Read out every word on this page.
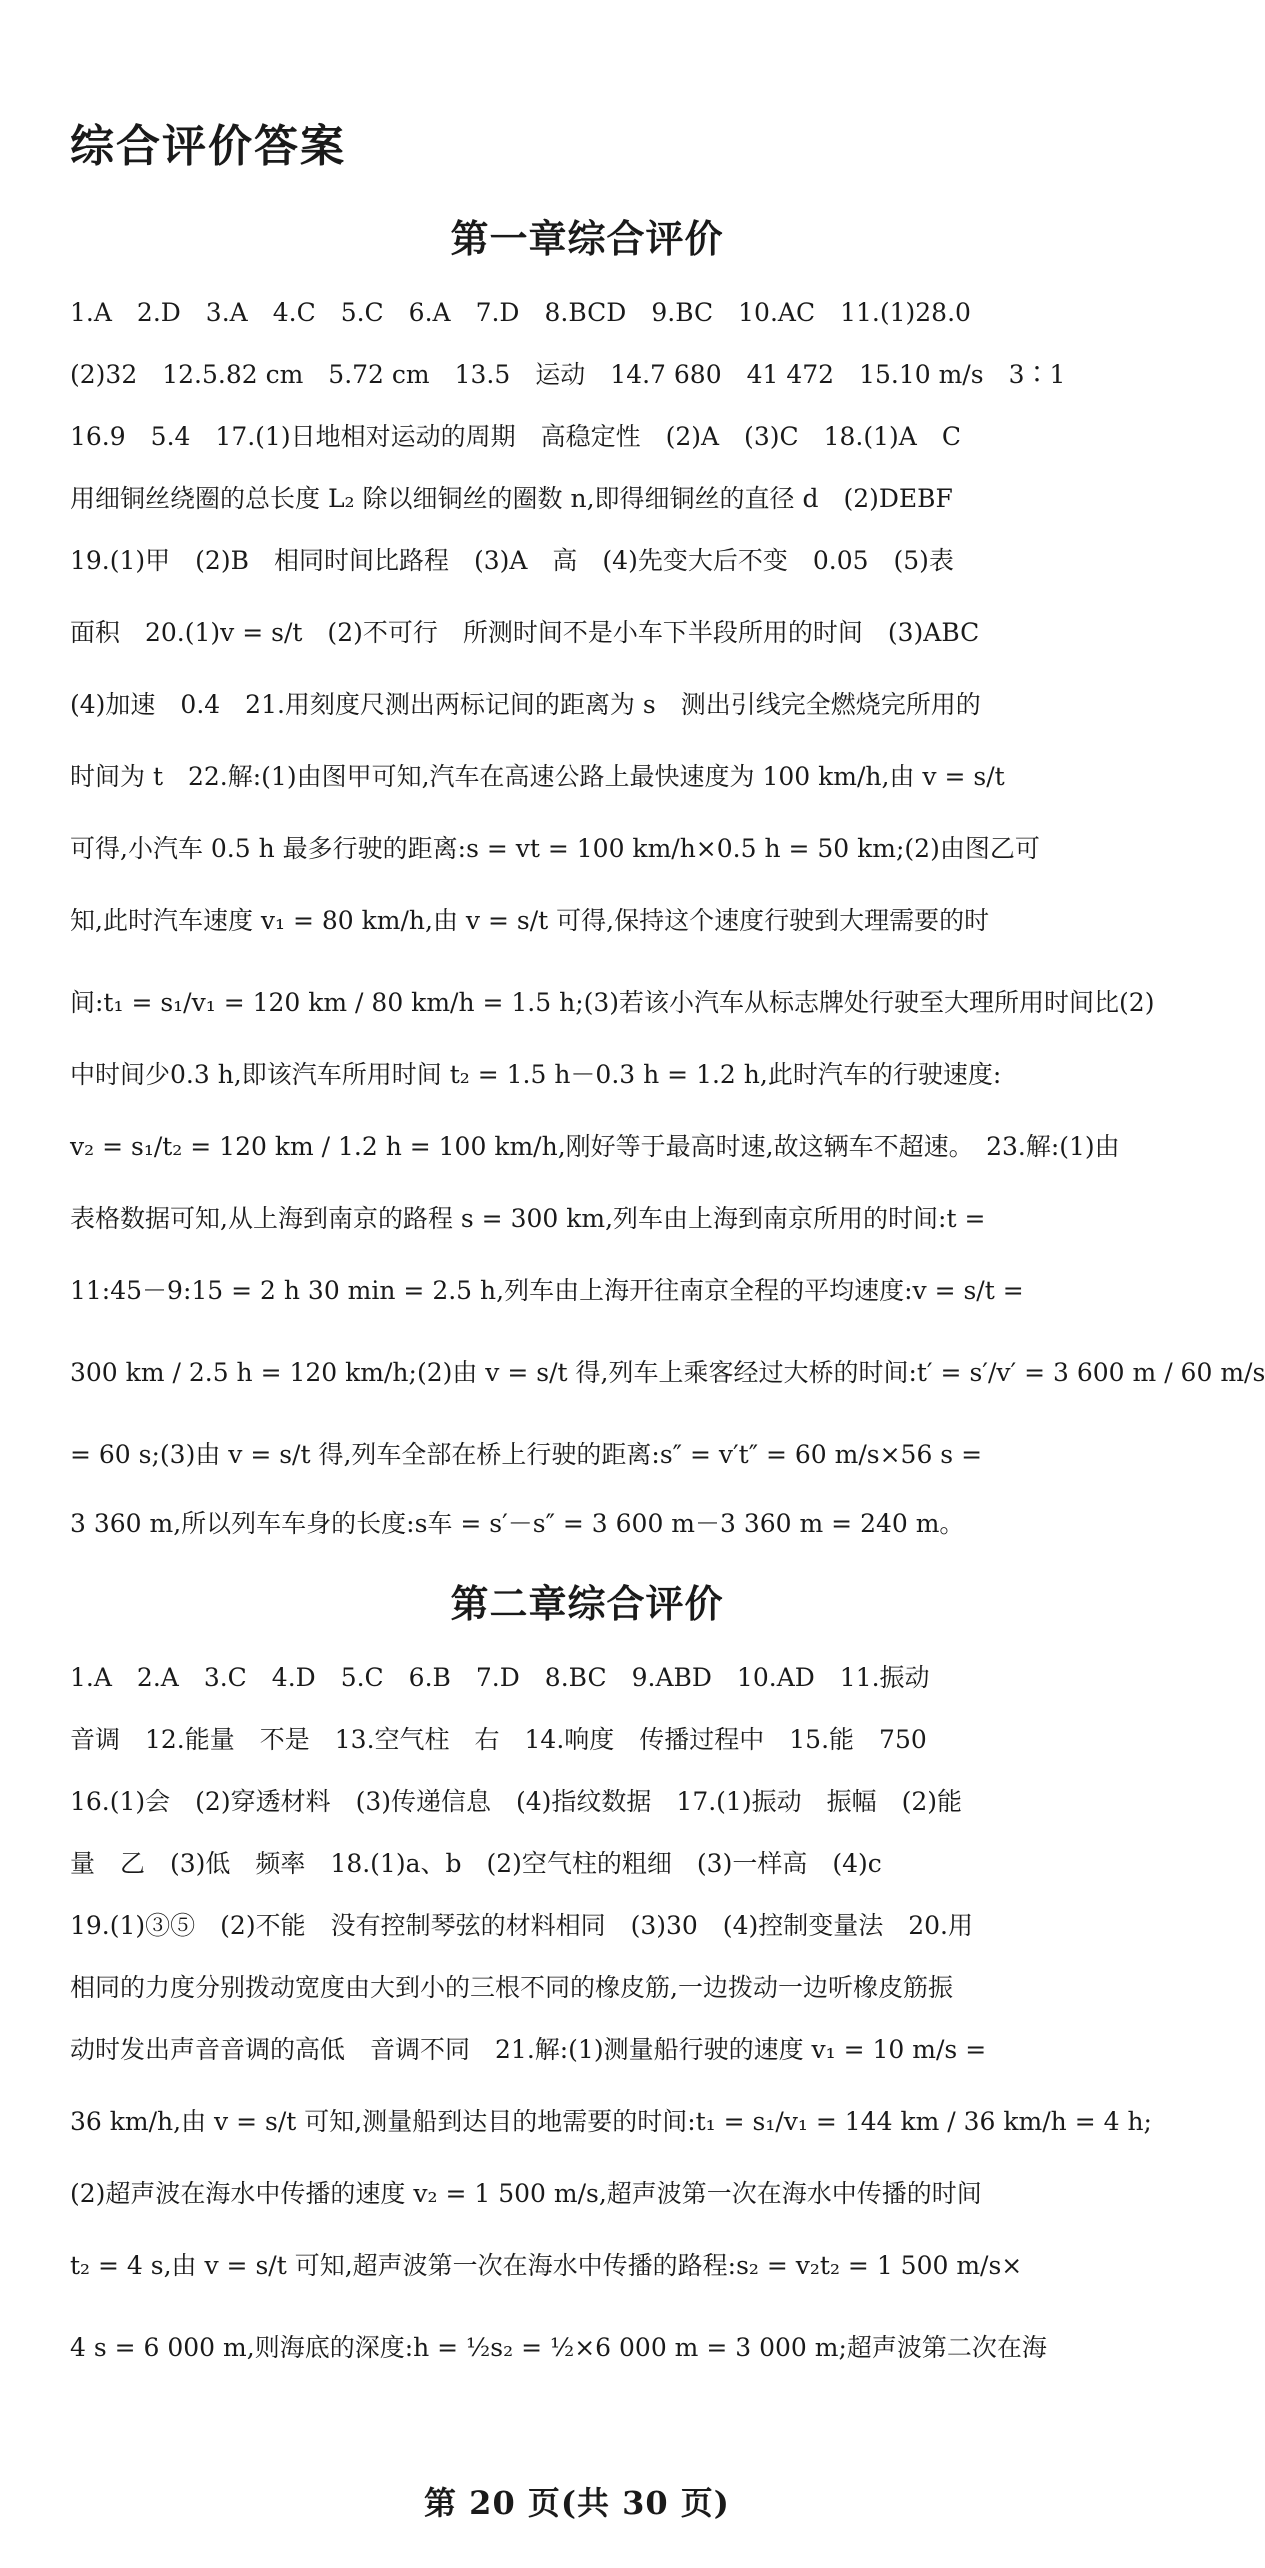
综合评价答案
第一章综合评价
1.A　2.D　3.A　4.C　5.C　6.A　7.D　8.BCD　9.BC　10.AC　11.(1)28.0
(2)32　12.5.82 cm　5.72 cm　13.5　运动　14.7 680　41 472　15.10 m/s　3∶1
16.9　5.4　17.(1)日地相对运动的周期　高稳定性　(2)A　(3)C　18.(1)A　C
用细铜丝绕圈的总长度 L₂ 除以细铜丝的圈数 n,即得细铜丝的直径 d　(2)DEBF
19.(1)甲　(2)B　相同时间比路程　(3)A　高　(4)先变大后不变　0.05　(5)表
面积　20.(1)v = s/t　(2)不可行　所测时间不是小车下半段所用的时间　(3)ABC
(4)加速　0.4　21.用刻度尺测出两标记间的距离为 s　测出引线完全燃烧完所用的
时间为 t　22.解:(1)由图甲可知,汽车在高速公路上最快速度为 100 km/h,由 v = s/t
可得,小汽车 0.5 h 最多行驶的距离:s = vt = 100 km/h×0.5 h = 50 km;(2)由图乙可
知,此时汽车速度 v₁ = 80 km/h,由 v = s/t 可得,保持这个速度行驶到大理需要的时
间:t₁ = s₁/v₁ = 120 km / 80 km/h = 1.5 h;(3)若该小汽车从标志牌处行驶至大理所用时间比(2)
中时间少0.3 h,即该汽车所用时间 t₂ = 1.5 h－0.3 h = 1.2 h,此时汽车的行驶速度:
v₂ = s₁/t₂ = 120 km / 1.2 h = 100 km/h,刚好等于最高时速,故这辆车不超速。　23.解:(1)由
表格数据可知,从上海到南京的路程 s = 300 km,列车由上海到南京所用的时间:t =
11:45－9:15 = 2 h 30 min = 2.5 h,列车由上海开往南京全程的平均速度:v = s/t =
300 km / 2.5 h = 120 km/h;(2)由 v = s/t 得,列车上乘客经过大桥的时间:t′ = s′/v′ = 3 600 m / 60 m/s
= 60 s;(3)由 v = s/t 得,列车全部在桥上行驶的距离:s″ = v′t″ = 60 m/s×56 s =
3 360 m,所以列车车身的长度:s车 = s′－s″ = 3 600 m－3 360 m = 240 m。
第二章综合评价
1.A　2.A　3.C　4.D　5.C　6.B　7.D　8.BC　9.ABD　10.AD　11.振动
音调　12.能量　不是　13.空气柱　右　14.响度　传播过程中　15.能　750
16.(1)会　(2)穿透材料　(3)传递信息　(4)指纹数据　17.(1)振动　振幅　(2)能
量　乙　(3)低　频率　18.(1)a、b　(2)空气柱的粗细　(3)一样高　(4)c
19.(1)③⑤　(2)不能　没有控制琴弦的材料相同　(3)30　(4)控制变量法　20.用
相同的力度分别拨动宽度由大到小的三根不同的橡皮筋,一边拨动一边听橡皮筋振
动时发出声音音调的高低　音调不同　21.解:(1)测量船行驶的速度 v₁ = 10 m/s =
36 km/h,由 v = s/t 可知,测量船到达目的地需要的时间:t₁ = s₁/v₁ = 144 km / 36 km/h = 4 h;
(2)超声波在海水中传播的速度 v₂ = 1 500 m/s,超声波第一次在海水中传播的时间
t₂ = 4 s,由 v = s/t 可知,超声波第一次在海水中传播的路程:s₂ = v₂t₂ = 1 500 m/s×
4 s = 6 000 m,则海底的深度:h = ½s₂ = ½×6 000 m = 3 000 m;超声波第二次在海
第 20 页(共 30 页)
